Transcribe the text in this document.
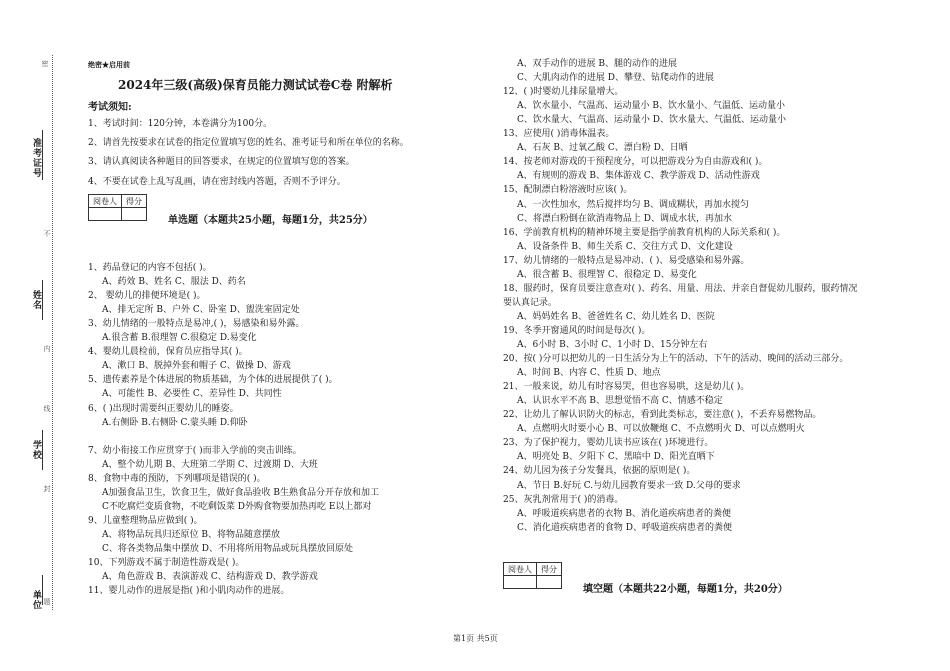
密
准考证号
不
姓名
内
线
学校
封
单位 题
绝密★启用前
2024年三级(高级)保育员能力测试试卷C卷 附解析
考试须知:
1、考试时间：120分钟，本卷满分为100分。
2、请首先按要求在试卷的指定位置填写您的姓名、准考证号和所在单位的名称。
3、请认真阅读各种题目的回答要求，在规定的位置填写您的答案。
4、不要在试卷上乱写乱画，请在密封线内答题，否则不予评分。
阅卷人	得分

单选题（本题共25小题，每题1分，共25分）
1、药品登记的内容不包括( )。
A、药效 B、姓名 C、服法 D、药名
2、 婴幼儿的排便环境是( )。
A、排无定所 B、户外 C、卧室 D、盥洗室固定处
3、幼儿情绪的一般特点是易冲,( )，易感染和易外露。
A.很含蓄 B.很理智 C.很稳定 D.易变化
4、婴幼儿晨检前，保育员应指导其( )。
A、漱口 B、脱掉外套和帽子 C、做操 D、游戏
5、遗传素养是个体进展的物质基础，为个体的进展提供了( )。
A、可能性 B、必要性 C、差异性 D、共同性
6、( )出现时需要纠正婴幼儿的睡姿。
A.右侧卧 B.右侧卧 C.蒙头睡 D.仰卧
7、幼小衔接工作应贯穿于( )而非入学前的突击训练。
A、整个幼儿期 B、大班第二学期 C、过渡期 D、大班
8、食物中毒的预防，下列哪项是错误的( )。
A加强食品卫生，饮食卫生，做好食品验收 B生熟食品分开存放和加工
C不吃腐烂变质食物，不吃剩饭菜 D外购食物要加热再吃 E以上都对
9、儿童整理物品应做到( )。
A、将物品玩具归还原位 B、将物品随意摆放
C、将各类物品集中摆放 D、不用将所用物品或玩具摆放回原处
10、下列游戏不属于制造性游戏是( )。
A、角色游戏 B、表演游戏 C、结构游戏 D、教学游戏
11、婴儿动作的进展是指( )和小肌肉动作的进展。
A、双手动作的进展 B、腿的动作的进展
C、大肌肉动作的进展 D、攀登、钻爬动作的进展
12、( )时婴幼儿排尿量增大。
A、饮水量小、气温高、运动量小 B、饮水量小、气温低、运动量小
C、饮水量大、气温高、运动量小 D、饮水量大、气温低、运动量小
13、应使用( )消毒体温表。
A、石灰 B、过氧乙酸 C、漂白粉 D、日晒
14、按老师对游戏的干预程度分，可以把游戏分为自由游戏和( )。
A、有规则的游戏 B、集体游戏 C、教学游戏 D、活动性游戏
15、配制漂白粉溶液时应该( )。
A、一次性加水，然后搅拌均匀 B、调成糊状，再加水搅匀
C、将漂白粉倒在欲消毒物品上 D、调成水状，再加水
16、学前教育机构的精神环境主要是指学前教育机构的人际关系和( )。
A、设备条件 B、师生关系 C、交往方式 D、文化建设
17、幼儿情绪的一般特点是易冲动、( )、易受感染和易外露。
A、很含蓄 B、很理智 C、很稳定 D、易变化
18、服药时，保育员要注意查对( )、药名、用量、用法、并亲自督促幼儿服药，服药情况
要认真记录。
A、妈妈姓名 B、爸爸姓名 C、幼儿姓名 D、医院
19、冬季开窗通风的时间是每次( )。
A、6小时 B、3小时 C、1小时 D、15分钟左右
20、按( )分可以把幼儿的一日生活分为上午的活动、下午的活动、晚间的活动三部分。
A、时间 B、内容 C、性质 D、地点
21、一般来说，幼儿有时容易哭，但也容易哄，这是幼儿( )。
A、认识水平不高 B、思想觉悟不高 C、情感不稳定
22、让幼儿了解认识防火的标志，看到此类标志，要注意( )，不丢弃易燃物品。
A、点燃明火时要小心 B、可以放鞭炮 C、不点燃明火 D、可以点燃明火
23、为了保护视力，婴幼儿读书应该在( )环境进行。
A、明亮处 B、夕阳下 C、黑暗中 D、阳光直晒下
24、幼儿园为孩子分发餐具，依据的原则是( )。
A、节日 B.好玩 C.与幼儿园教育要求一致 D.父母的要求
25、灰乳剂常用于( )的消毒。
A、呼吸道疾病患者的衣物 B、消化道疾病患者的粪便
C、消化道疾病患者的食物 D、呼吸道疾病患者的粪便
阅卷人	得分

填空题（本题共22小题，每题1分，共20分）
第1页 共5页
